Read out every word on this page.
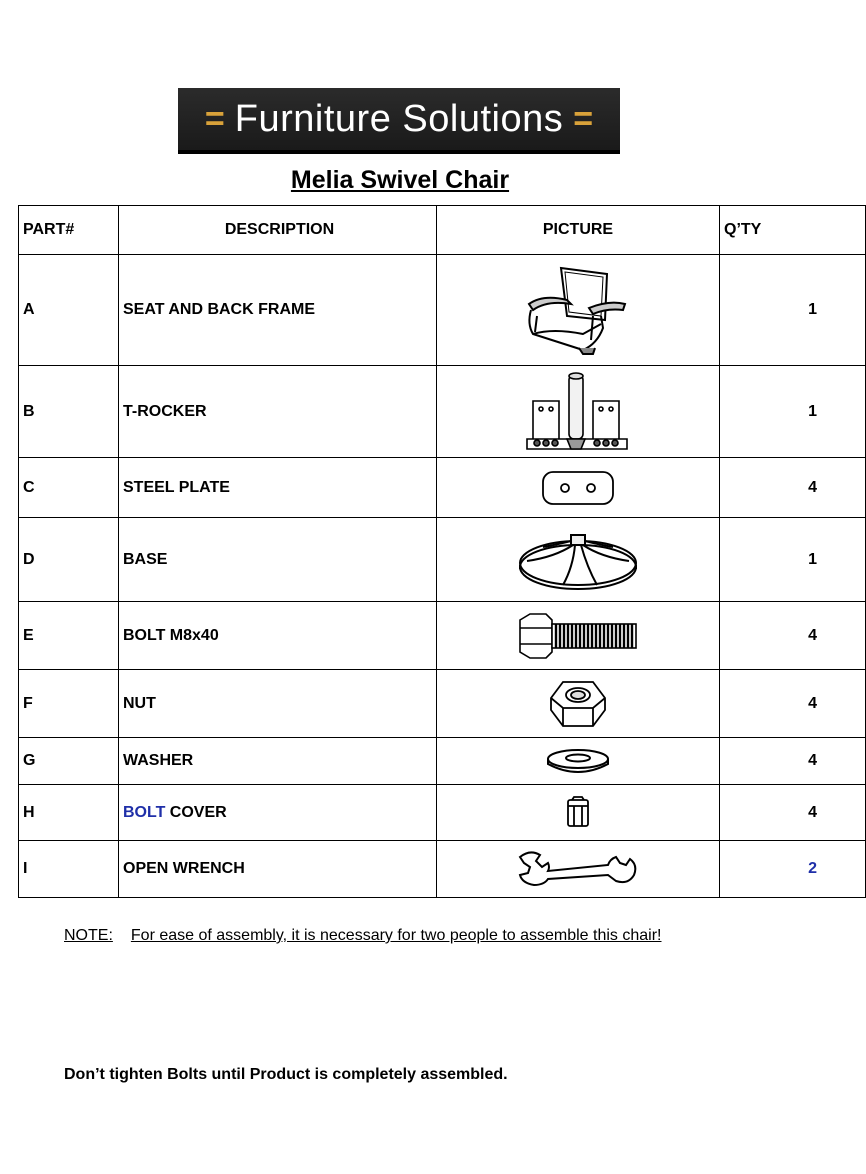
= Furniture Solutions =
Melia Swivel Chair
PART#	DESCRIPTION	PICTURE	Q’TY
A	SEAT AND BACK FRAME		1
B	T-ROCKER		1
C	STEEL PLATE		4
D	BASE		1
E	BOLT M8x40		4
F	NUT		4
G	WASHER		4
H	BOLT COVER		4
I	OPEN WRENCH		2
NOTE: For ease of assembly, it is necessary for two people to assemble this chair!
Don’t tighten Bolts until Product is completely assembled.
